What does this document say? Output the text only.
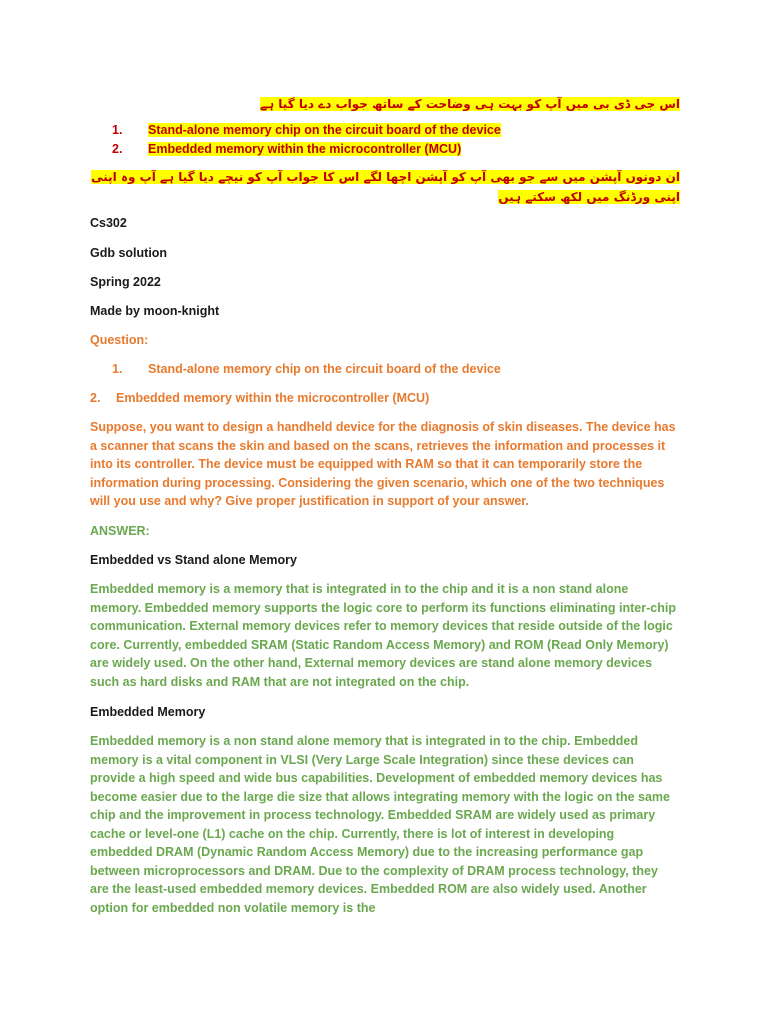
اس جی ڈی بی میں آپ کو بہت ہی وضاحت کے ساتھ جواب دے دیا گیا ہے
1. Stand-alone memory chip on the circuit board of the device
2. Embedded memory within the microcontroller (MCU)
ان دونوں آپشن میں سے جو بھی آپ کو آپشن اچھا لگے اس کا جواب آپ کو نیچے دیا گیا ہے آپ وہ اپنی اپنی ورڈنگ میں لکھ سکتے ہیں
Cs302
Gdb solution
Spring 2022
Made by moon-knight
Question:
1. Stand-alone memory chip on the circuit board of the device
2. Embedded memory within the microcontroller (MCU)

Suppose, you want to design a handheld device for the diagnosis of skin diseases. The device has a scanner that scans the skin and based on the scans, retrieves the information and processes it into its controller. The device must be equipped with RAM so that it can temporarily store the information during processing. Considering the given scenario, which one of the two techniques will you use and why? Give proper justification in support of your answer.

ANSWER:
Embedded vs Stand alone Memory

Embedded memory is a memory that is integrated in to the chip and it is a non stand alone memory. Embedded memory supports the logic core to perform its functions eliminating inter-chip communication. External memory devices refer to memory devices that reside outside of the logic core. Currently, embedded SRAM (Static Random Access Memory) and ROM (Read Only Memory) are widely used. On the other hand, External memory devices are stand alone memory devices such as hard disks and RAM that are not integrated on the chip.

Embedded Memory

Embedded memory is a non stand alone memory that is integrated in to the chip. Embedded memory is a vital component in VLSI (Very Large Scale Integration) since these devices can provide a high speed and wide bus capabilities. Development of embedded memory devices has become easier due to the large die size that allows integrating memory with the logic on the same chip and the improvement in process technology. Embedded SRAM are widely used as primary cache or level-one (L1) cache on the chip. Currently, there is lot of interest in developing embedded DRAM (Dynamic Random Access Memory) due to the increasing performance gap between microprocessors and DRAM. Due to the complexity of DRAM process technology, they are the least-used embedded memory devices. Embedded ROM are also widely used. Another option for embedded non volatile memory is the
